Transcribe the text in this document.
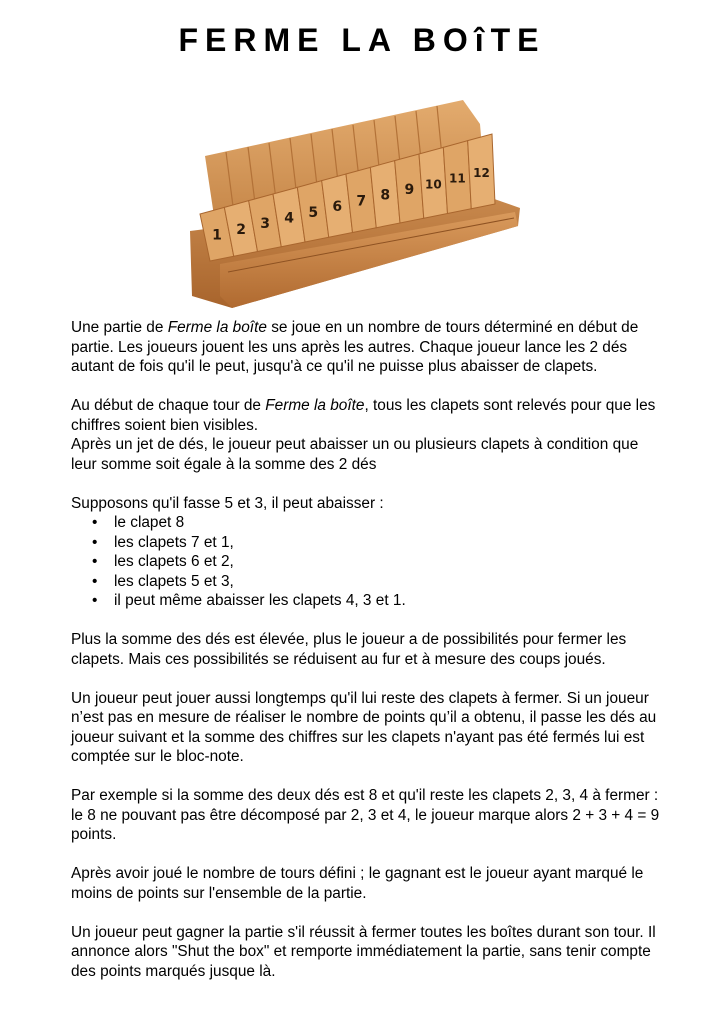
FERME LA BOîTE
1 2 3 4 5 6 7 8 9 10 11 12

Une partie de Ferme la boîte se joue en un nombre de tours déterminé en début de partie. Les joueurs jouent les uns après les autres. Chaque joueur lance les 2 dés autant de fois qu'il le peut, jusqu'à ce qu'il ne puisse plus abaisser de clapets.

Au début de chaque tour de Ferme la boîte, tous les clapets sont relevés pour que les chiffres soient bien visibles.

Après un jet de dés, le joueur peut abaisser un ou plusieurs clapets à condition que leur somme soit égale à la somme des 2 dés

Supposons qu'il fasse 5 et 3, il peut abaisser :

• le clapet 8
• les clapets 7 et 1,
• les clapets 6 et 2,
• les clapets 5 et 3,
• il peut même abaisser les clapets 4, 3 et 1.

Plus la somme des dés est élevée, plus le joueur a de possibilités pour fermer les clapets. Mais ces possibilités se réduisent au fur et à mesure des coups joués.

Un joueur peut jouer aussi longtemps qu'il lui reste des clapets à fermer. Si un joueur n’est pas en mesure de réaliser le nombre de points qu’il a obtenu, il passe les dés au joueur suivant et la somme des chiffres sur les clapets n'ayant pas été fermés lui est comptée sur le bloc-note.

Par exemple si la somme des deux dés est 8 et qu'il reste les clapets 2, 3, 4 à fermer : le 8 ne pouvant pas être décomposé par 2, 3 et 4, le joueur marque alors 2 + 3 + 4 = 9 points.

Après avoir joué le nombre de tours défini ; le gagnant est le joueur ayant marqué le moins de points sur l'ensemble de la partie.

Un joueur peut gagner la partie s'il réussit à fermer toutes les boîtes durant son tour. Il annonce alors "Shut the box" et remporte immédiatement la partie, sans tenir compte des points marqués jusque là.
